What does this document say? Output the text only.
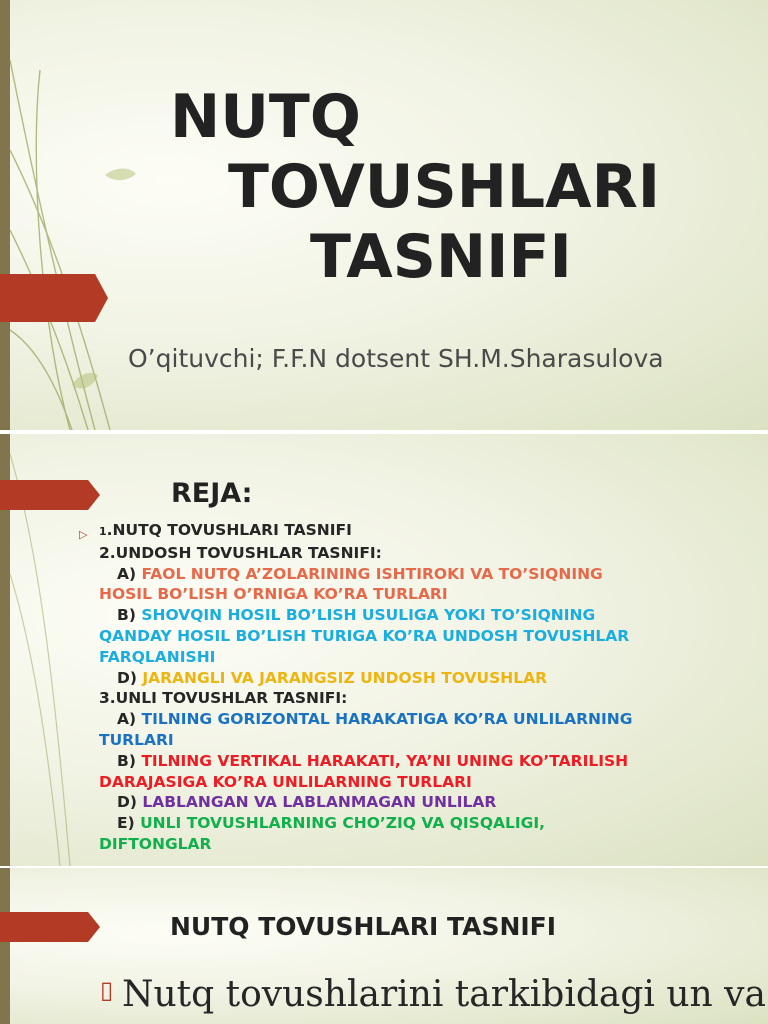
NUTQ
TOVUSHLARI
TASNIFI
O’qituvchi; F.F.N dotsent SH.M.Sharasulova
REJA:
▷ 1.NUTQ TOVUSHLARI TASNIFI
2.UNDOSH TOVUSHLAR TASNIFI:
A) FAOL NUTQ A’ZOLARINING ISHTIROKI VA TO’SIQNING
HOSIL BO’LISH O’RNIGA KO’RA TURLARI
B) SHOVQIN HOSIL BO’LISH USULIGA YOKI TO’SIQNING
QANDAY HOSIL BO’LISH TURIGA KO’RA UNDOSH TOVUSHLAR
FARQLANISHI
D) JARANGLI VA JARANGSIZ UNDOSH TOVUSHLAR
3.UNLI TOVUSHLAR TASNIFI:
A) TILNING GORIZONTAL HARAKATIGA KO’RA UNLILARNING
TURLARI
B) TILNING VERTIKAL HARAKATI, YA’NI UNING KO’TARILISH
DARAJASIGA KO’RA UNLILARNING TURLARI
D) LABLANGAN VA LABLANMAGAN UNLILAR
E) UNLI TOVUSHLARNING CHO’ZIQ VA QISQALIGI,
DIFTONGLAR
NUTQ TOVUSHLARI TASNIFI
▯ Nutq tovushlarini tarkibidagi un va
